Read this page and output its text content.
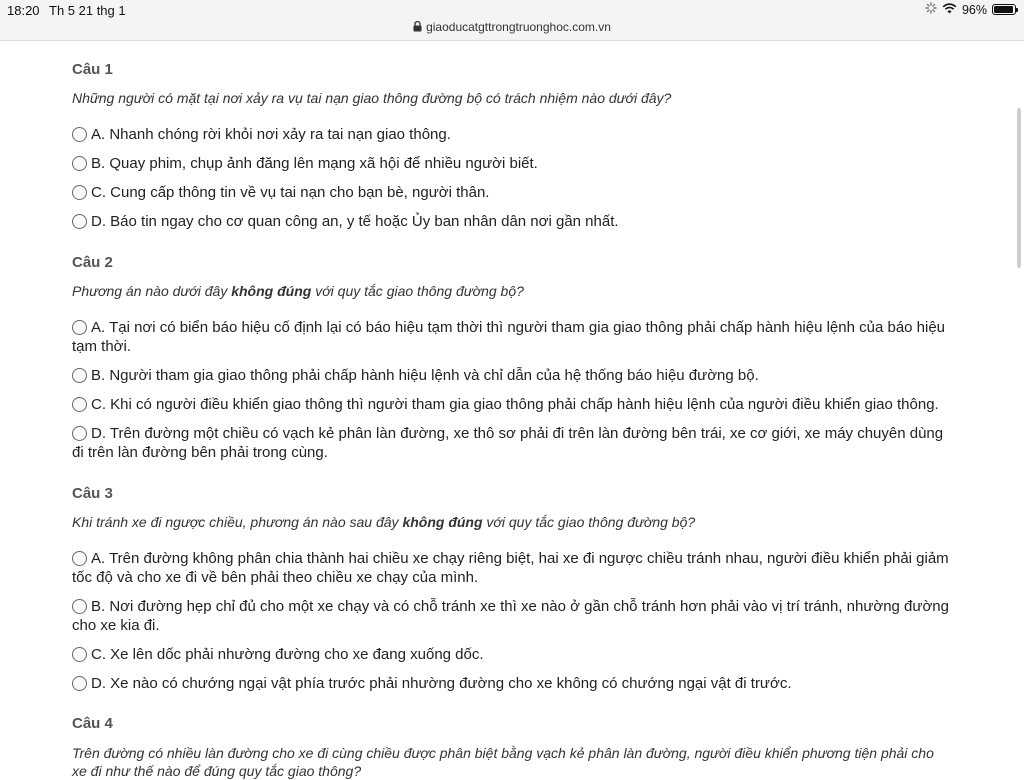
18:20 Th 5 21 thg 1
giaoducatgttrongtruonghoc.com.vn
96%
Câu 1
Những người có mặt tại nơi xảy ra vụ tai nạn giao thông đường bộ có trách nhiệm nào dưới đây?
A. Nhanh chóng rời khỏi nơi xảy ra tai nạn giao thông.
B. Quay phim, chụp ảnh đăng lên mạng xã hội để nhiều người biết.
C. Cung cấp thông tin về vụ tai nạn cho bạn bè, người thân.
D. Báo tin ngay cho cơ quan công an, y tế hoặc Ủy ban nhân dân nơi gần nhất.
Câu 2
Phương án nào dưới đây không đúng với quy tắc giao thông đường bộ?
A. Tại nơi có biển báo hiệu cố định lại có báo hiệu tạm thời thì người tham gia giao thông phải chấp hành hiệu lệnh của báo hiệu tạm thời.
B. Người tham gia giao thông phải chấp hành hiệu lệnh và chỉ dẫn của hệ thống báo hiệu đường bộ.
C. Khi có người điều khiển giao thông thì người tham gia giao thông phải chấp hành hiệu lệnh của người điều khiển giao thông.
D. Trên đường một chiều có vạch kẻ phân làn đường, xe thô sơ phải đi trên làn đường bên trái, xe cơ giới, xe máy chuyên dùng đi trên làn đường bên phải trong cùng.
Câu 3
Khi tránh xe đi ngược chiều, phương án nào sau đây không đúng với quy tắc giao thông đường bộ?
A. Trên đường không phân chia thành hai chiều xe chạy riêng biệt, hai xe đi ngược chiều tránh nhau, người điều khiển phải giảm tốc độ và cho xe đi về bên phải theo chiều xe chạy của mình.
B. Nơi đường hẹp chỉ đủ cho một xe chạy và có chỗ tránh xe thì xe nào ở gần chỗ tránh hơn phải vào vị trí tránh, nhường đường cho xe kia đi.
C. Xe lên dốc phải nhường đường cho xe đang xuống dốc.
D. Xe nào có chướng ngại vật phía trước phải nhường đường cho xe không có chướng ngại vật đi trước.
Câu 4
Trên đường có nhiều làn đường cho xe đi cùng chiều được phân biệt bằng vạch kẻ phân làn đường, người điều khiển phương tiện phải cho xe đi như thế nào để đúng quy tắc giao thông?
